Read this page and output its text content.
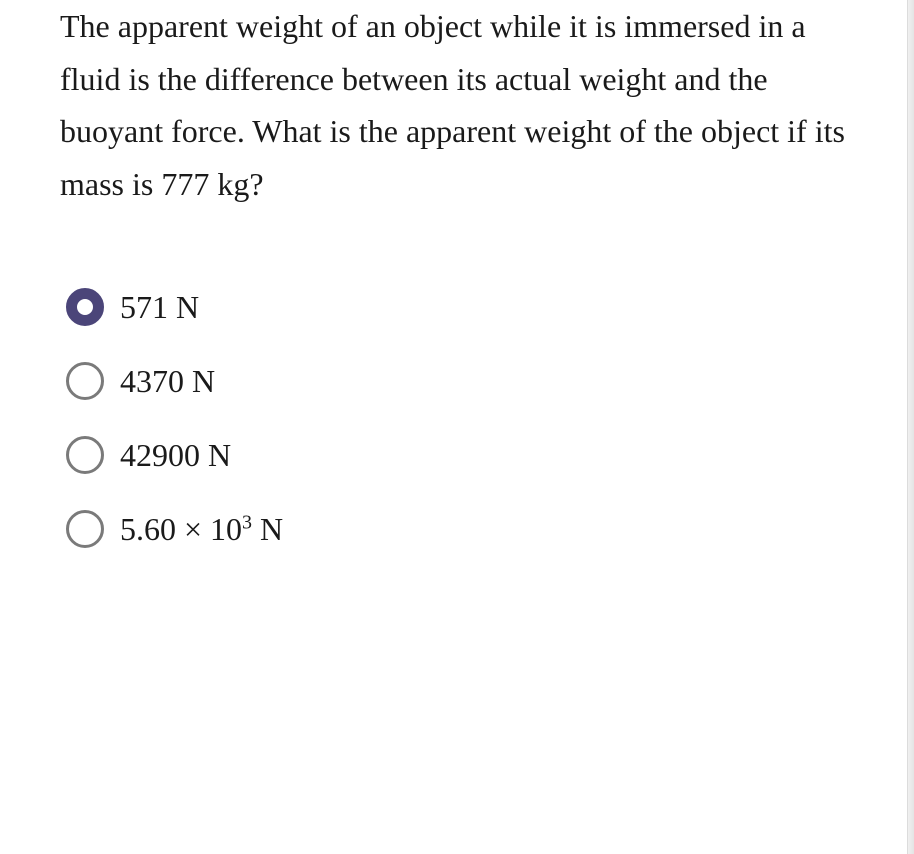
The apparent weight of an object while it is immersed in a fluid is the difference between its actual weight and the buoyant force. What is the apparent weight of the object if its mass is 777 kg?

571 N
4370 N
42900 N
$5.60 \times 10^3$ N
